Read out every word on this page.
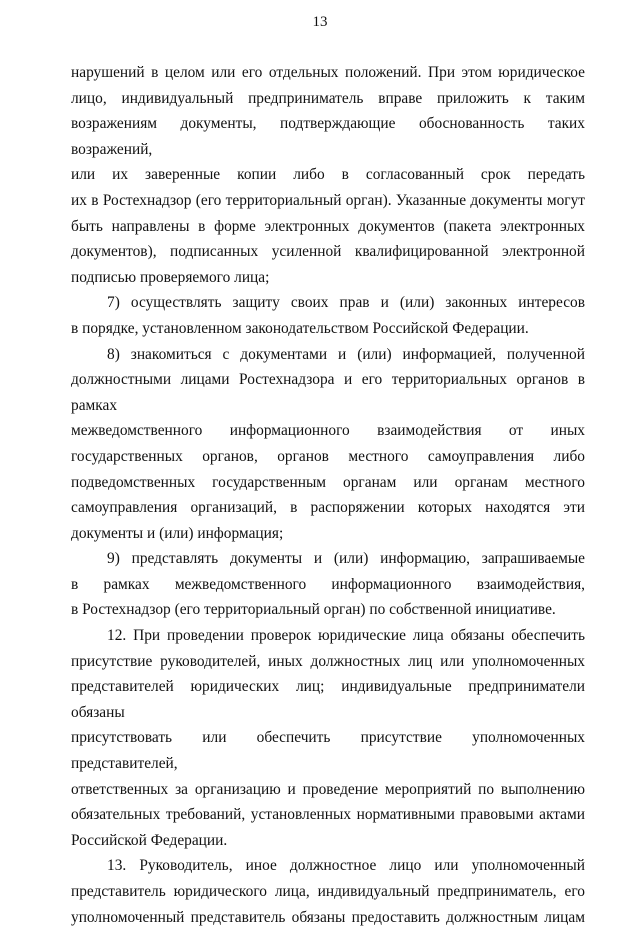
13

нарушений в целом или его отдельных положений. При этом юридическое

лицо, индивидуальный предприниматель вправе приложить к таким

возражениям документы, подтверждающие обоснованность таких возражений,

или их заверенные копии либо в согласованный срок передать

их в Ростехнадзор (его территориальный орган). Указанные документы могут

быть направлены в форме электронных документов (пакета электронных

документов), подписанных усиленной квалифицированной электронной

подписью проверяемого лица;

7) осуществлять защиту своих прав и (или) законных интересов

в порядке, установленном законодательством Российской Федерации.

8) знакомиться с документами и (или) информацией, полученной

должностными лицами Ростехнадзора и его территориальных органов в рамках

межведомственного информационного взаимодействия от иных

государственных органов, органов местного самоуправления либо

подведомственных государственным органам или органам местного

самоуправления организаций, в распоряжении которых находятся эти

документы и (или) информация;

9) представлять документы и (или) информацию, запрашиваемые

в рамках межведомственного информационного взаимодействия,

в Ростехнадзор (его территориальный орган) по собственной инициативе.

12. При проведении проверок юридические лица обязаны обеспечить

присутствие руководителей, иных должностных лиц или уполномоченных

представителей юридических лиц; индивидуальные предприниматели обязаны

присутствовать или обеспечить присутствие уполномоченных представителей,

ответственных за организацию и проведение мероприятий по выполнению

обязательных требований, установленных нормативными правовыми актами

Российской Федерации.

13. Руководитель, иное должностное лицо или уполномоченный

представитель юридического лица, индивидуальный предприниматель, его

уполномоченный представитель обязаны предоставить должностным лицам
